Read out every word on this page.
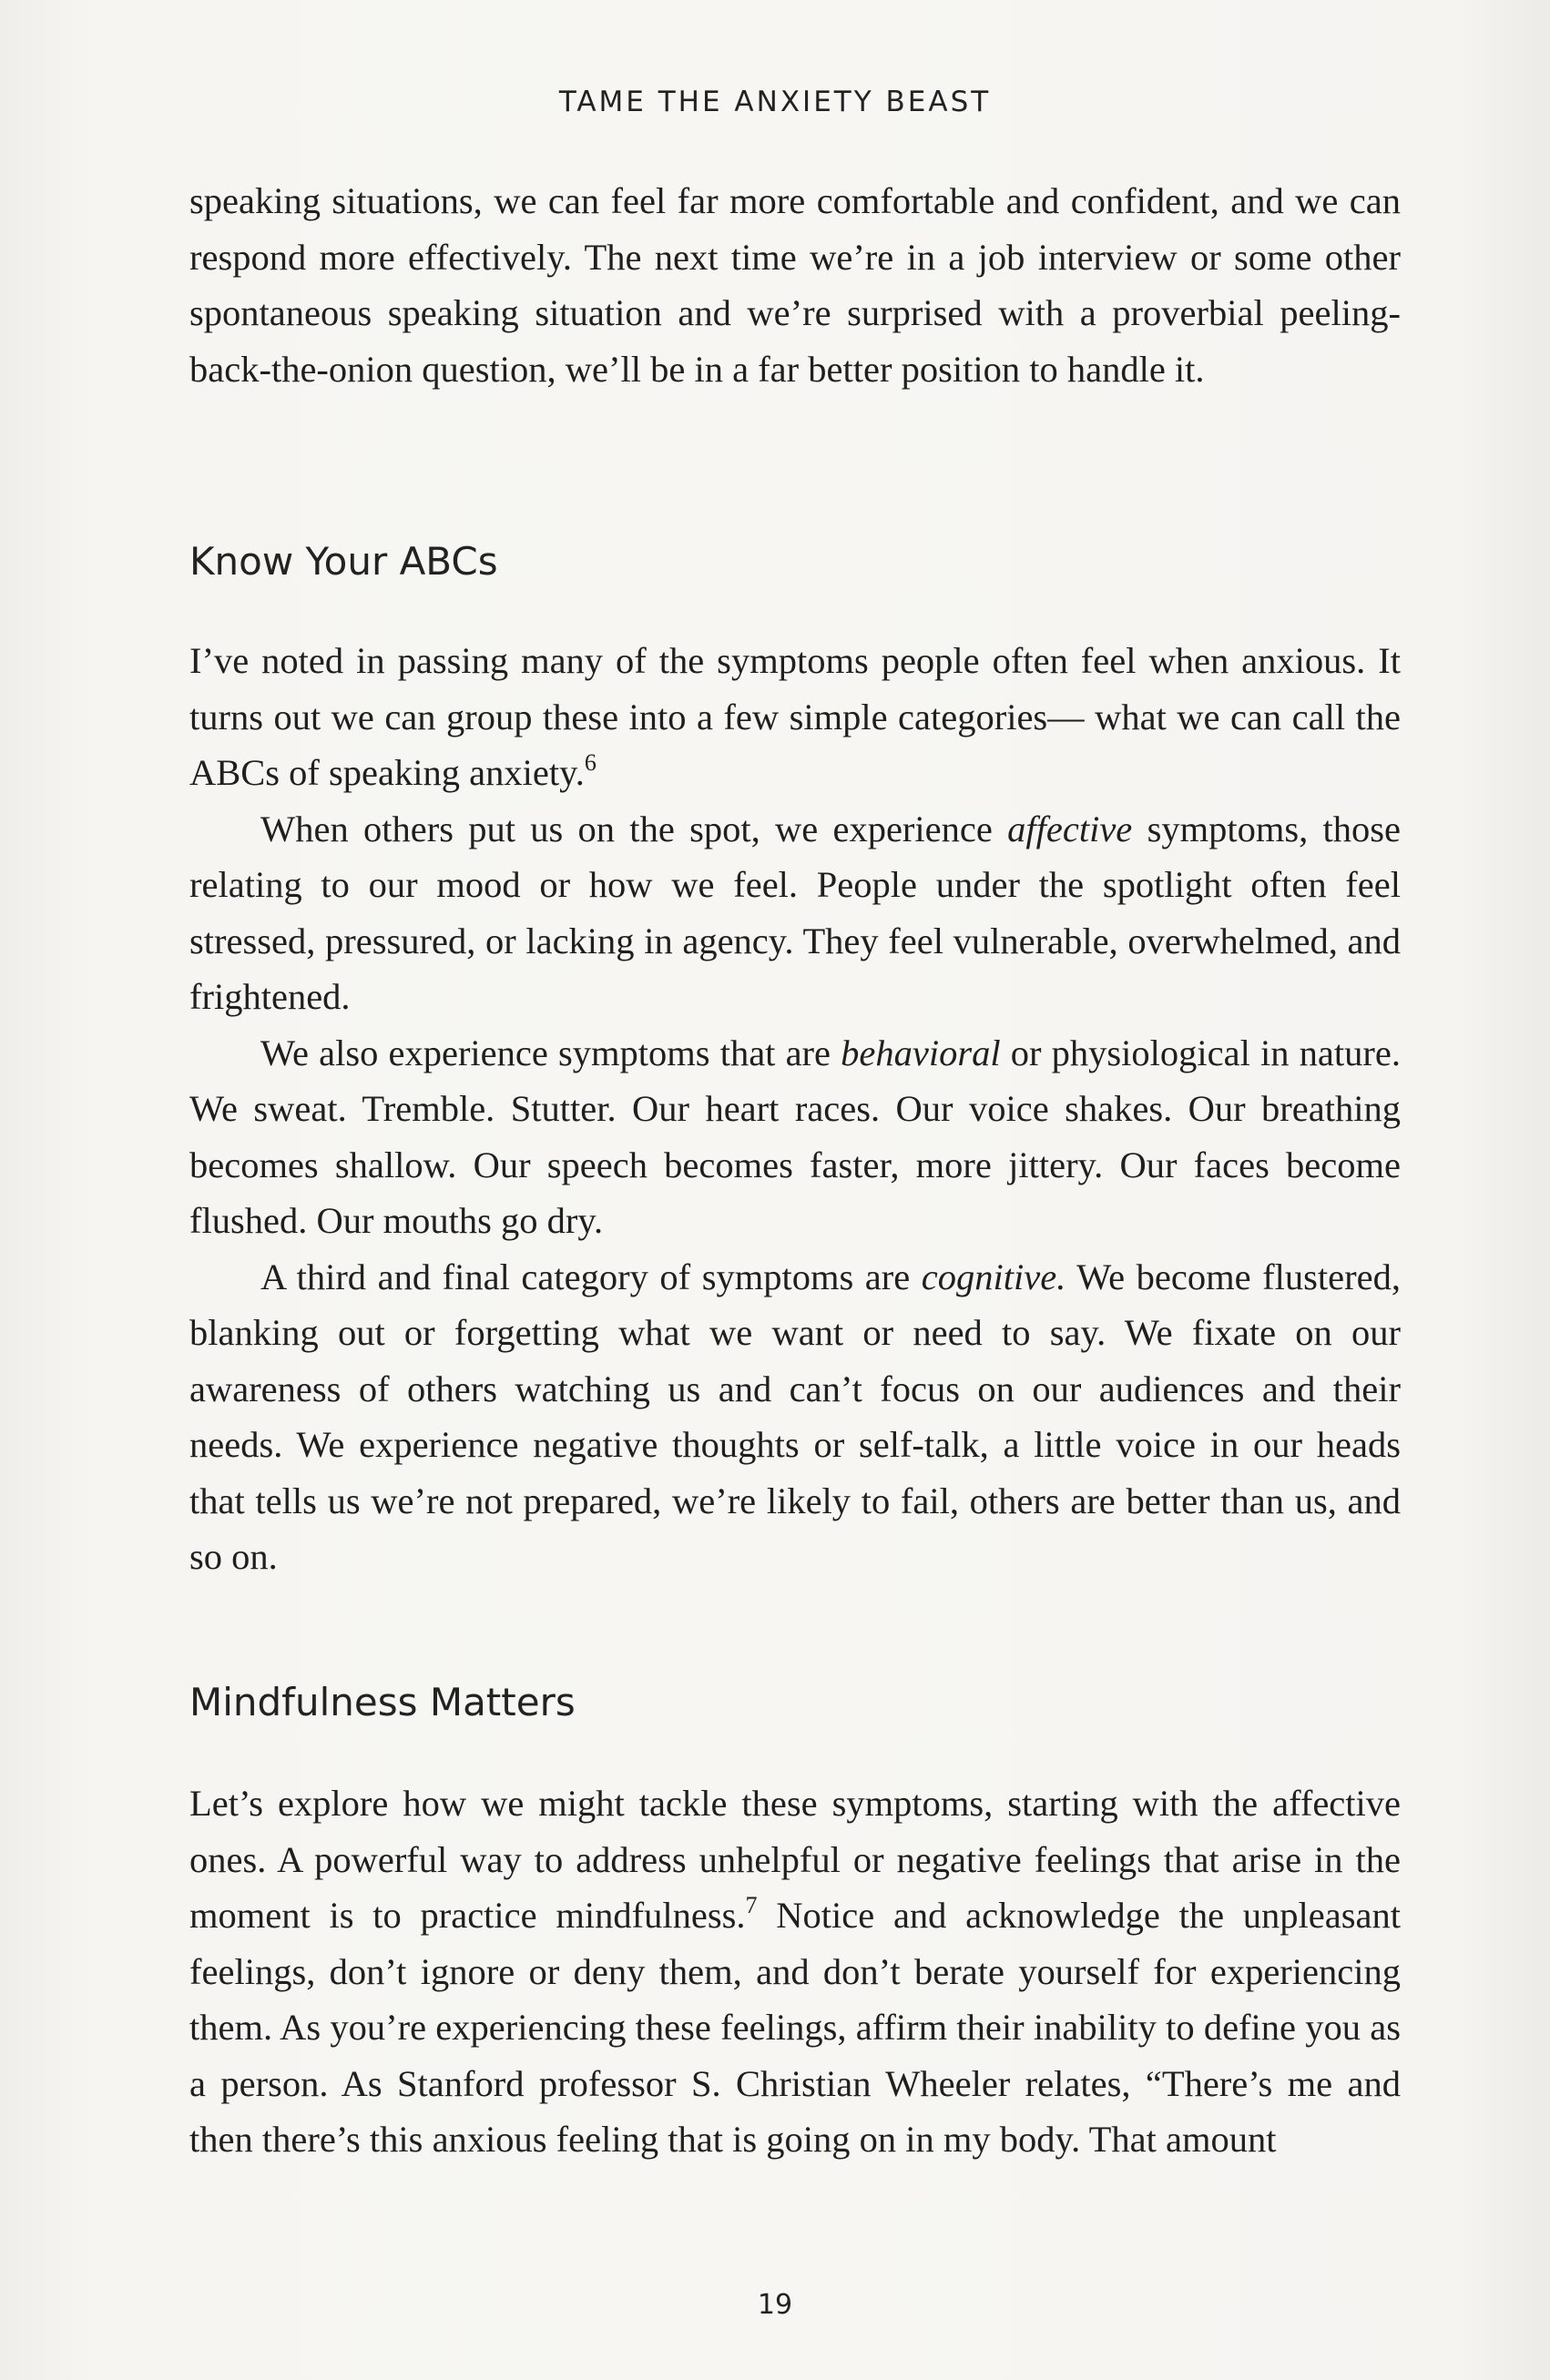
TAME THE ANXIETY BEAST

speaking situations, we can feel far more comfortable and confident, and we can respond more effectively. The next time we’re in a job interview or some other spontaneous speaking situation and we’re surprised with a proverbial peeling-back-the-onion question, we’ll be in a far better position to handle it.

Know Your ABCs

I’ve noted in passing many of the symptoms people often feel when anxious. It turns out we can group these into a few simple categories— what we can call the ABCs of speaking anxiety.$^6$

When others put us on the spot, we experience affective symptoms, those relating to our mood or how we feel. People under the spotlight often feel stressed, pressured, or lacking in agency. They feel vulnerable, overwhelmed, and frightened.

We also experience symptoms that are behavioral or physiological in nature. We sweat. Tremble. Stutter. Our heart races. Our voice shakes. Our breathing becomes shallow. Our speech becomes faster, more jittery. Our faces become flushed. Our mouths go dry.

A third and final category of symptoms are cognitive. We become flustered, blanking out or forgetting what we want or need to say. We fixate on our awareness of others watching us and can’t focus on our audiences and their needs. We experience negative thoughts or self-talk, a little voice in our heads that tells us we’re not prepared, we’re likely to fail, others are better than us, and so on.

Mindfulness Matters

Let’s explore how we might tackle these symptoms, starting with the affective ones. A powerful way to address unhelpful or negative feelings that arise in the moment is to practice mindfulness.$^7$ Notice and acknowledge the unpleasant feelings, don’t ignore or deny them, and don’t berate yourself for experiencing them. As you’re experiencing these feelings, affirm their inability to define you as a person. As Stanford professor S. Christian Wheeler relates, “There’s me and then there’s this anxious feeling that is going on in my body. That amount

19
